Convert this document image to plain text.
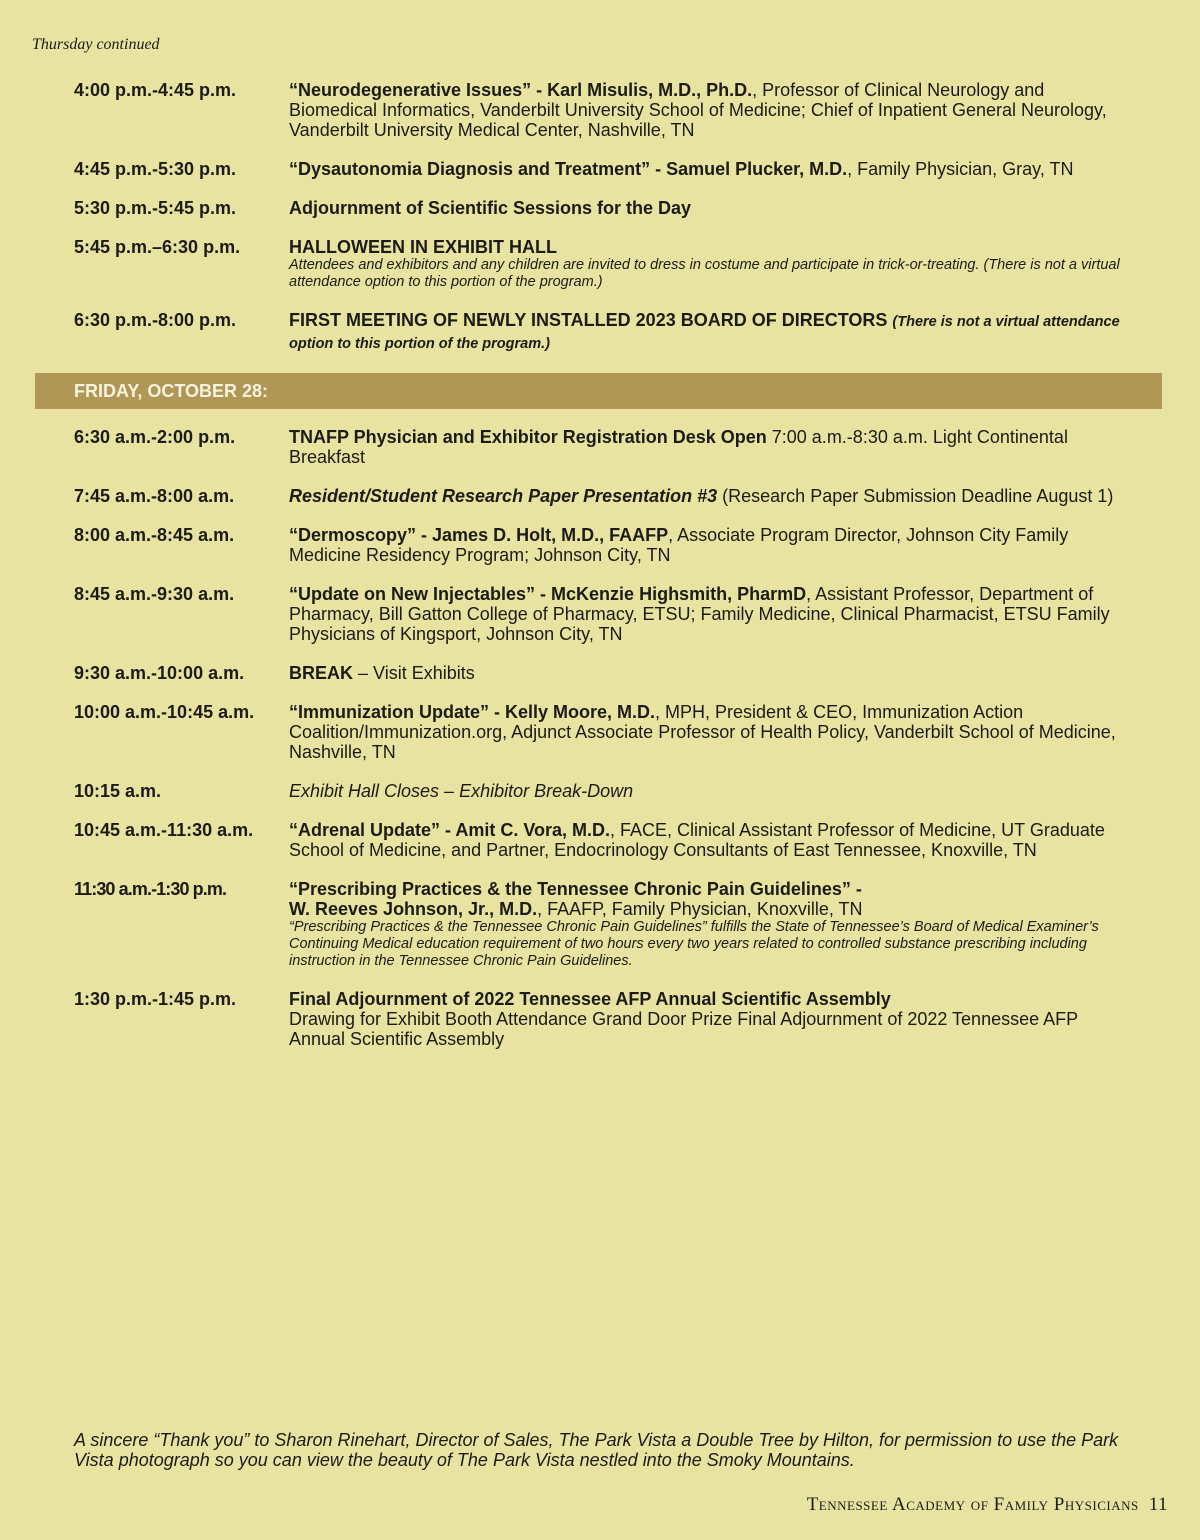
Thursday continued
4:00 p.m.-4:45 p.m.	“Neurodegenerative Issues” - Karl Misulis, M.D., Ph.D., Professor of Clinical Neurology and Biomedical Informatics, Vanderbilt University School of Medicine; Chief of Inpatient General Neurology, Vanderbilt University Medical Center, Nashville, TN
4:45 p.m.-5:30 p.m.	“Dysautonomia Diagnosis and Treatment” - Samuel Plucker, M.D., Family Physician, Gray, TN
5:30 p.m.-5:45 p.m.	Adjournment of Scientific Sessions for the Day
5:45 p.m.–6:30 p.m.	HALLOWEEN IN EXHIBIT HALL
Attendees and exhibitors and any children are invited to dress in costume and participate in trick-or-treating. (There is not a virtual attendance option to this portion of the program.)
6:30 p.m.-8:00 p.m.	FIRST MEETING OF NEWLY INSTALLED 2023 BOARD OF DIRECTORS (There is not a virtual attendance option to this portion of the program.)
FRIDAY, OCTOBER 28:
6:30 a.m.-2:00 p.m.	TNAFP Physician and Exhibitor Registration Desk Open 7:00 a.m.-8:30 a.m. Light Continental Breakfast
7:45 a.m.-8:00 a.m.	Resident/Student Research Paper Presentation #3 (Research Paper Submission Deadline August 1)
8:00 a.m.-8:45 a.m.	“Dermoscopy” - James D. Holt, M.D., FAAFP, Associate Program Director, Johnson City Family Medicine Residency Program; Johnson City, TN
8:45 a.m.-9:30 a.m.	“Update on New Injectables” - McKenzie Highsmith, PharmD, Assistant Professor, Department of Pharmacy, Bill Gatton College of Pharmacy, ETSU; Family Medicine, Clinical Pharmacist, ETSU Family Physicians of Kingsport, Johnson City, TN
9:30 a.m.-10:00 a.m.	BREAK – Visit Exhibits
10:00 a.m.-10:45 a.m.	“Immunization Update” - Kelly Moore, M.D., MPH, President & CEO, Immunization Action Coalition/Immunization.org, Adjunct Associate Professor of Health Policy, Vanderbilt School of Medicine, Nashville, TN
10:15 a.m.	Exhibit Hall Closes – Exhibitor Break-Down
10:45 a.m.-11:30 a.m.	“Adrenal Update” - Amit C. Vora, M.D., FACE, Clinical Assistant Professor of Medicine, UT Graduate School of Medicine, and Partner, Endocrinology Consultants of East Tennessee, Knoxville, TN
11:30 a.m.-1:30 p.m.	“Prescribing Practices & the Tennessee Chronic Pain Guidelines” -
W. Reeves Johnson, Jr., M.D., FAAFP, Family Physician, Knoxville, TN
“Prescribing Practices & the Tennessee Chronic Pain Guidelines” fulfills the State of Tennessee’s Board of Medical Examiner’s Continuing Medical education requirement of two hours every two years related to controlled substance prescribing including instruction in the Tennessee Chronic Pain Guidelines.
1:30 p.m.-1:45 p.m.	Final Adjournment of 2022 Tennessee AFP Annual Scientific Assembly
Drawing for Exhibit Booth Attendance Grand Door Prize Final Adjournment of 2022 Tennessee AFP Annual Scientific Assembly
A sincere “Thank you” to Sharon Rinehart, Director of Sales, The Park Vista a Double Tree by Hilton, for permission to use the Park Vista photograph so you can view the beauty of The Park Vista nestled into the Smoky Mountains.
Tennessee Academy of Family Physicians 11
